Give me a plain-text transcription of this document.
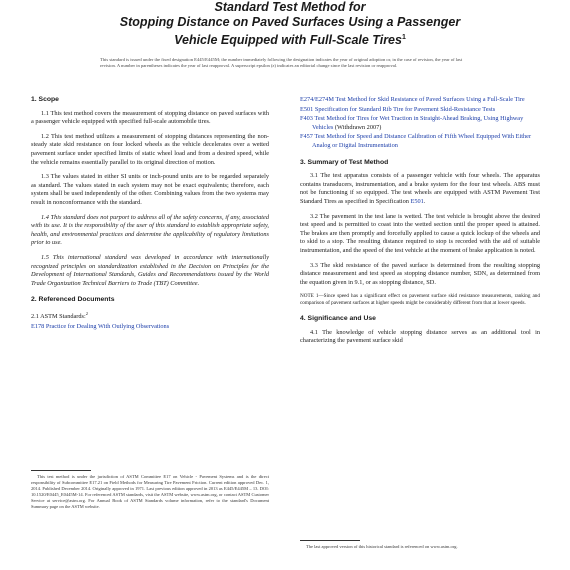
Standard Test Method for
Stopping Distance on Paved Surfaces Using a Passenger
Vehicle Equipped with Full-Scale Tires$^1$
This standard is issued under the fixed designation E445/E445M; the number immediately following the designation indicates the year of original adoption or, in the case of revision, the year of last revision. A number in parentheses indicates the year of last reapproval. A superscript epsilon (ε) indicates an editorial change since the last revision or reapproval.
1. Scope

1.1 This test method covers the measurement of stopping distance on paved surfaces with a passenger vehicle equipped with specified full-scale automobile tires.

1.2 This test method utilizes a measurement of stopping distances representing the non-steady state skid resistance on four locked wheels as the vehicle decelerates over a wetted pavement surface under specified limits of static wheel load and from a desired speed, while the vehicle remains essentially parallel to its original direction of motion.

1.3 The values stated in either SI units or inch-pound units are to be regarded separately as standard. The values stated in each system may not be exact equivalents; therefore, each system shall be used independently of the other. Combining values from the two systems may result in nonconformance with the standard.

1.4 This standard does not purport to address all of the safety concerns, if any, associated with its use. It is the responsibility of the user of this standard to establish appropriate safety, health, and environmental practices and determine the applicability of regulatory limitations prior to use.

1.5 This international standard was developed in accordance with internationally recognized principles on standardization established in the Decision on Principles for the Development of International Standards, Guides and Recommendations issued by the World Trade Organization Technical Barriers to Trade (TBT) Committee.

2. Referenced Documents
2.1 ASTM Standards:$^2$
E178 Practice for Dealing With Outlying Observations
E274/E274M Test Method for Skid Resistance of Paved Surfaces Using a Full-Scale Tire
E501 Specification for Standard Rib Tire for Pavement Skid-Resistance Tests
F403 Test Method for Tires for Wet Traction in Straight-Ahead Braking, Using Highway Vehicles (Withdrawn 2007)
F457 Test Method for Speed and Distance Calibration of Fifth Wheel Equipped With Either Analog or Digital Instrumentation
3. Summary of Test Method

3.1 The test apparatus consists of a passenger vehicle with four wheels. The apparatus contains transducers, instrumentation, and a brake system for the four test wheels. ABS must not be functioning if so equipped. The test wheels are equipped with ASTM Pavement Test Standard Tires as specified in Specification E501.

3.2 The pavement in the test lane is wetted. The test vehicle is brought above the desired test speed and is permitted to coast into the wetted section until the proper speed is attained. The brakes are then promptly and forcefully applied to cause a quick lockup of the wheels and to skid to a stop. The resulting distance required to stop is recorded with the aid of suitable instrumentation, and the speed of the test vehicle at the moment of brake application is noted.

3.3 The skid resistance of the paved surface is determined from the resulting stopping distance measurement and test speed as stopping distance number, SDN, as determined from the equation given in 9.1, or as stopping distance, SD.

NOTE 1—Since speed has a significant effect on pavement surface skid resistance measurements, ranking and comparison of pavement surfaces at higher speeds might be considerably different from that at lower speeds.
4. Significance and Use

4.1 The knowledge of vehicle stopping distance serves as an additional tool in characterizing the pavement surface skid

This test method is under the jurisdiction of ASTM Committee E17 on Vehicle - Pavement Systems and is the direct responsibility of Subcommittee E17.21 on Field Methods for Measuring Tire Pavement Friction. Current edition approved Dec. 1, 2014. Published December 2014. Originally approved in 1971. Last previous edition approved in 2013 as E445/E445M – 13. DOI: 10.1520/E0445_E0445M-14. For referenced ASTM standards, visit the ASTM website, www.astm.org, or contact ASTM Customer Service at service@astm.org. For Annual Book of ASTM Standards volume information, refer to the standard's Document Summary page on the ASTM website.

The last approved version of this historical standard is referenced on www.astm.org.
